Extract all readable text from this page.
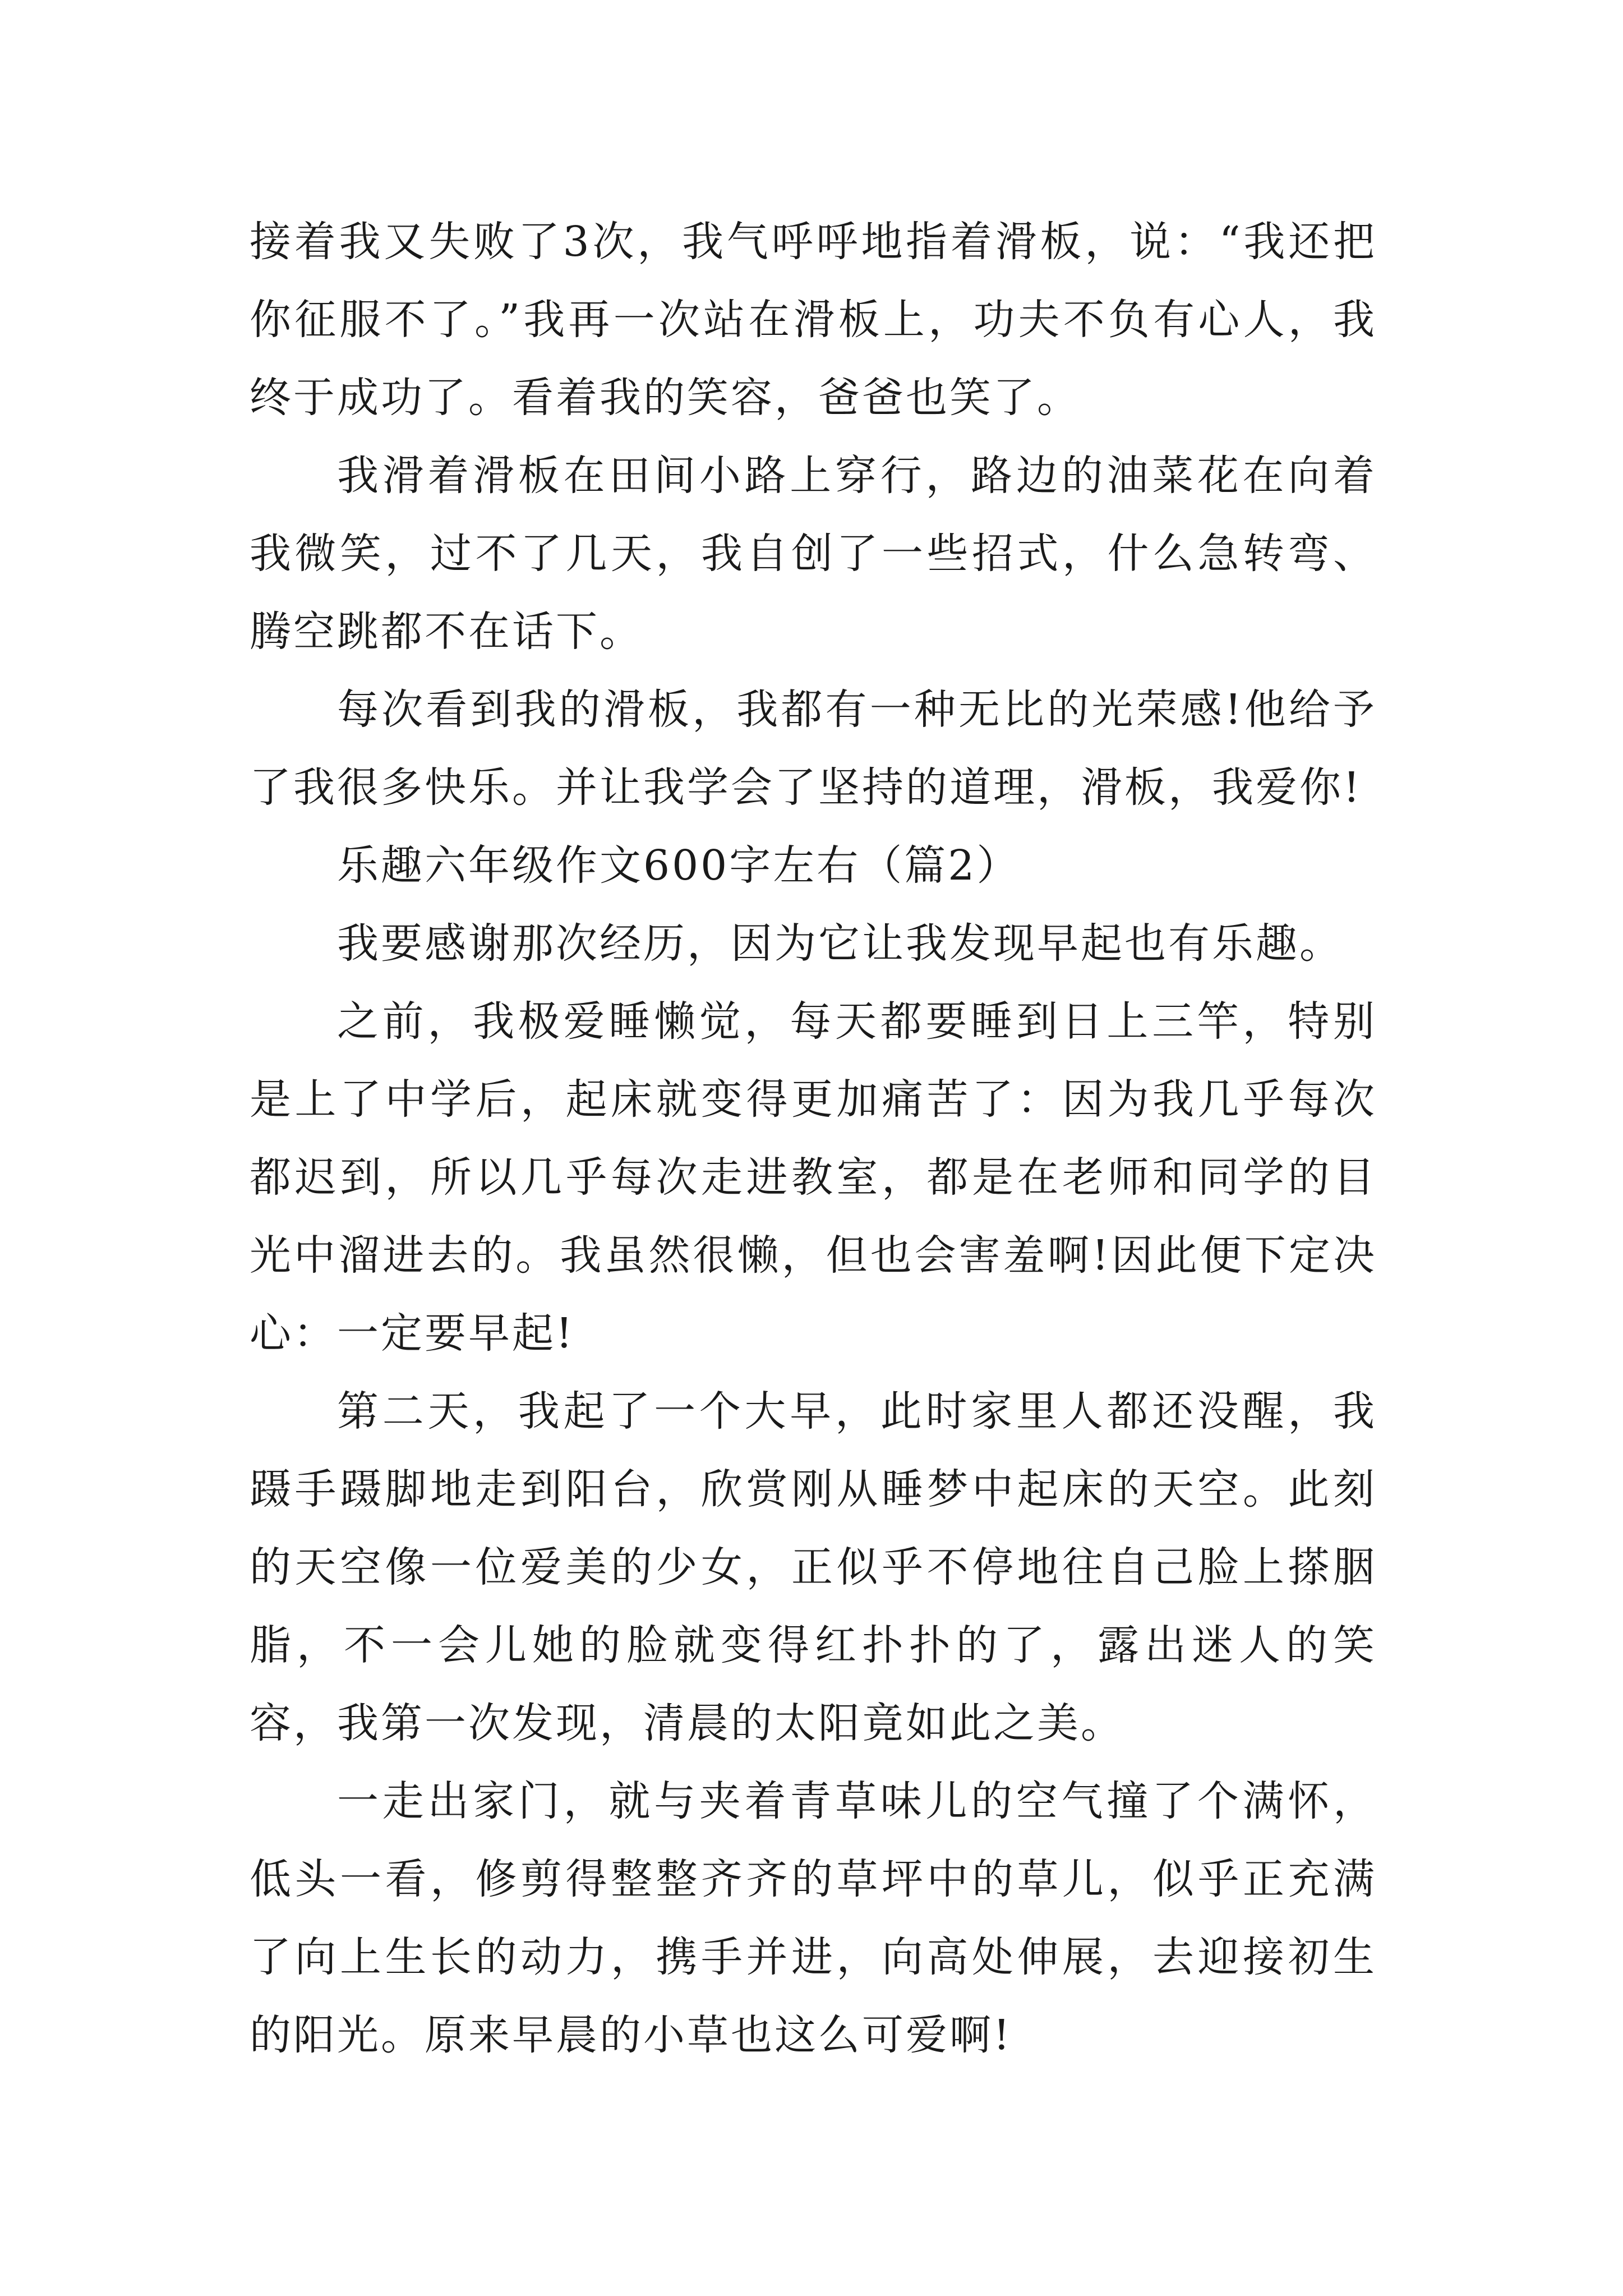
接着我又失败了3次，我气呼呼地指着滑板，说：“我还把你征服不了。”我再一次站在滑板上，功夫不负有心人，我终于成功了。看着我的笑容，爸爸也笑了。

我滑着滑板在田间小路上穿行，路边的油菜花在向着我微笑，过不了几天，我自创了一些招式，什么急转弯、腾空跳都不在话下。

每次看到我的滑板，我都有一种无比的光荣感!他给予了我很多快乐。并让我学会了坚持的道理，滑板，我爱你!

乐趣六年级作文600字左右（篇2）

我要感谢那次经历，因为它让我发现早起也有乐趣。

之前，我极爱睡懒觉，每天都要睡到日上三竿，特别是上了中学后，起床就变得更加痛苦了：因为我几乎每次都迟到，所以几乎每次走进教室，都是在老师和同学的目光中溜进去的。我虽然很懒，但也会害羞啊!因此便下定决心：一定要早起!

第二天，我起了一个大早，此时家里人都还没醒，我蹑手蹑脚地走到阳台，欣赏刚从睡梦中起床的天空。此刻的天空像一位爱美的少女，正似乎不停地往自己脸上搽胭脂，不一会儿她的脸就变得红扑扑的了，露出迷人的笑容，我第一次发现，清晨的太阳竟如此之美。

一走出家门，就与夹着青草味儿的空气撞了个满怀，低头一看，修剪得整整齐齐的草坪中的草儿，似乎正充满了向上生长的动力，携手并进，向高处伸展，去迎接初生的阳光。原来早晨的小草也这么可爱啊!
